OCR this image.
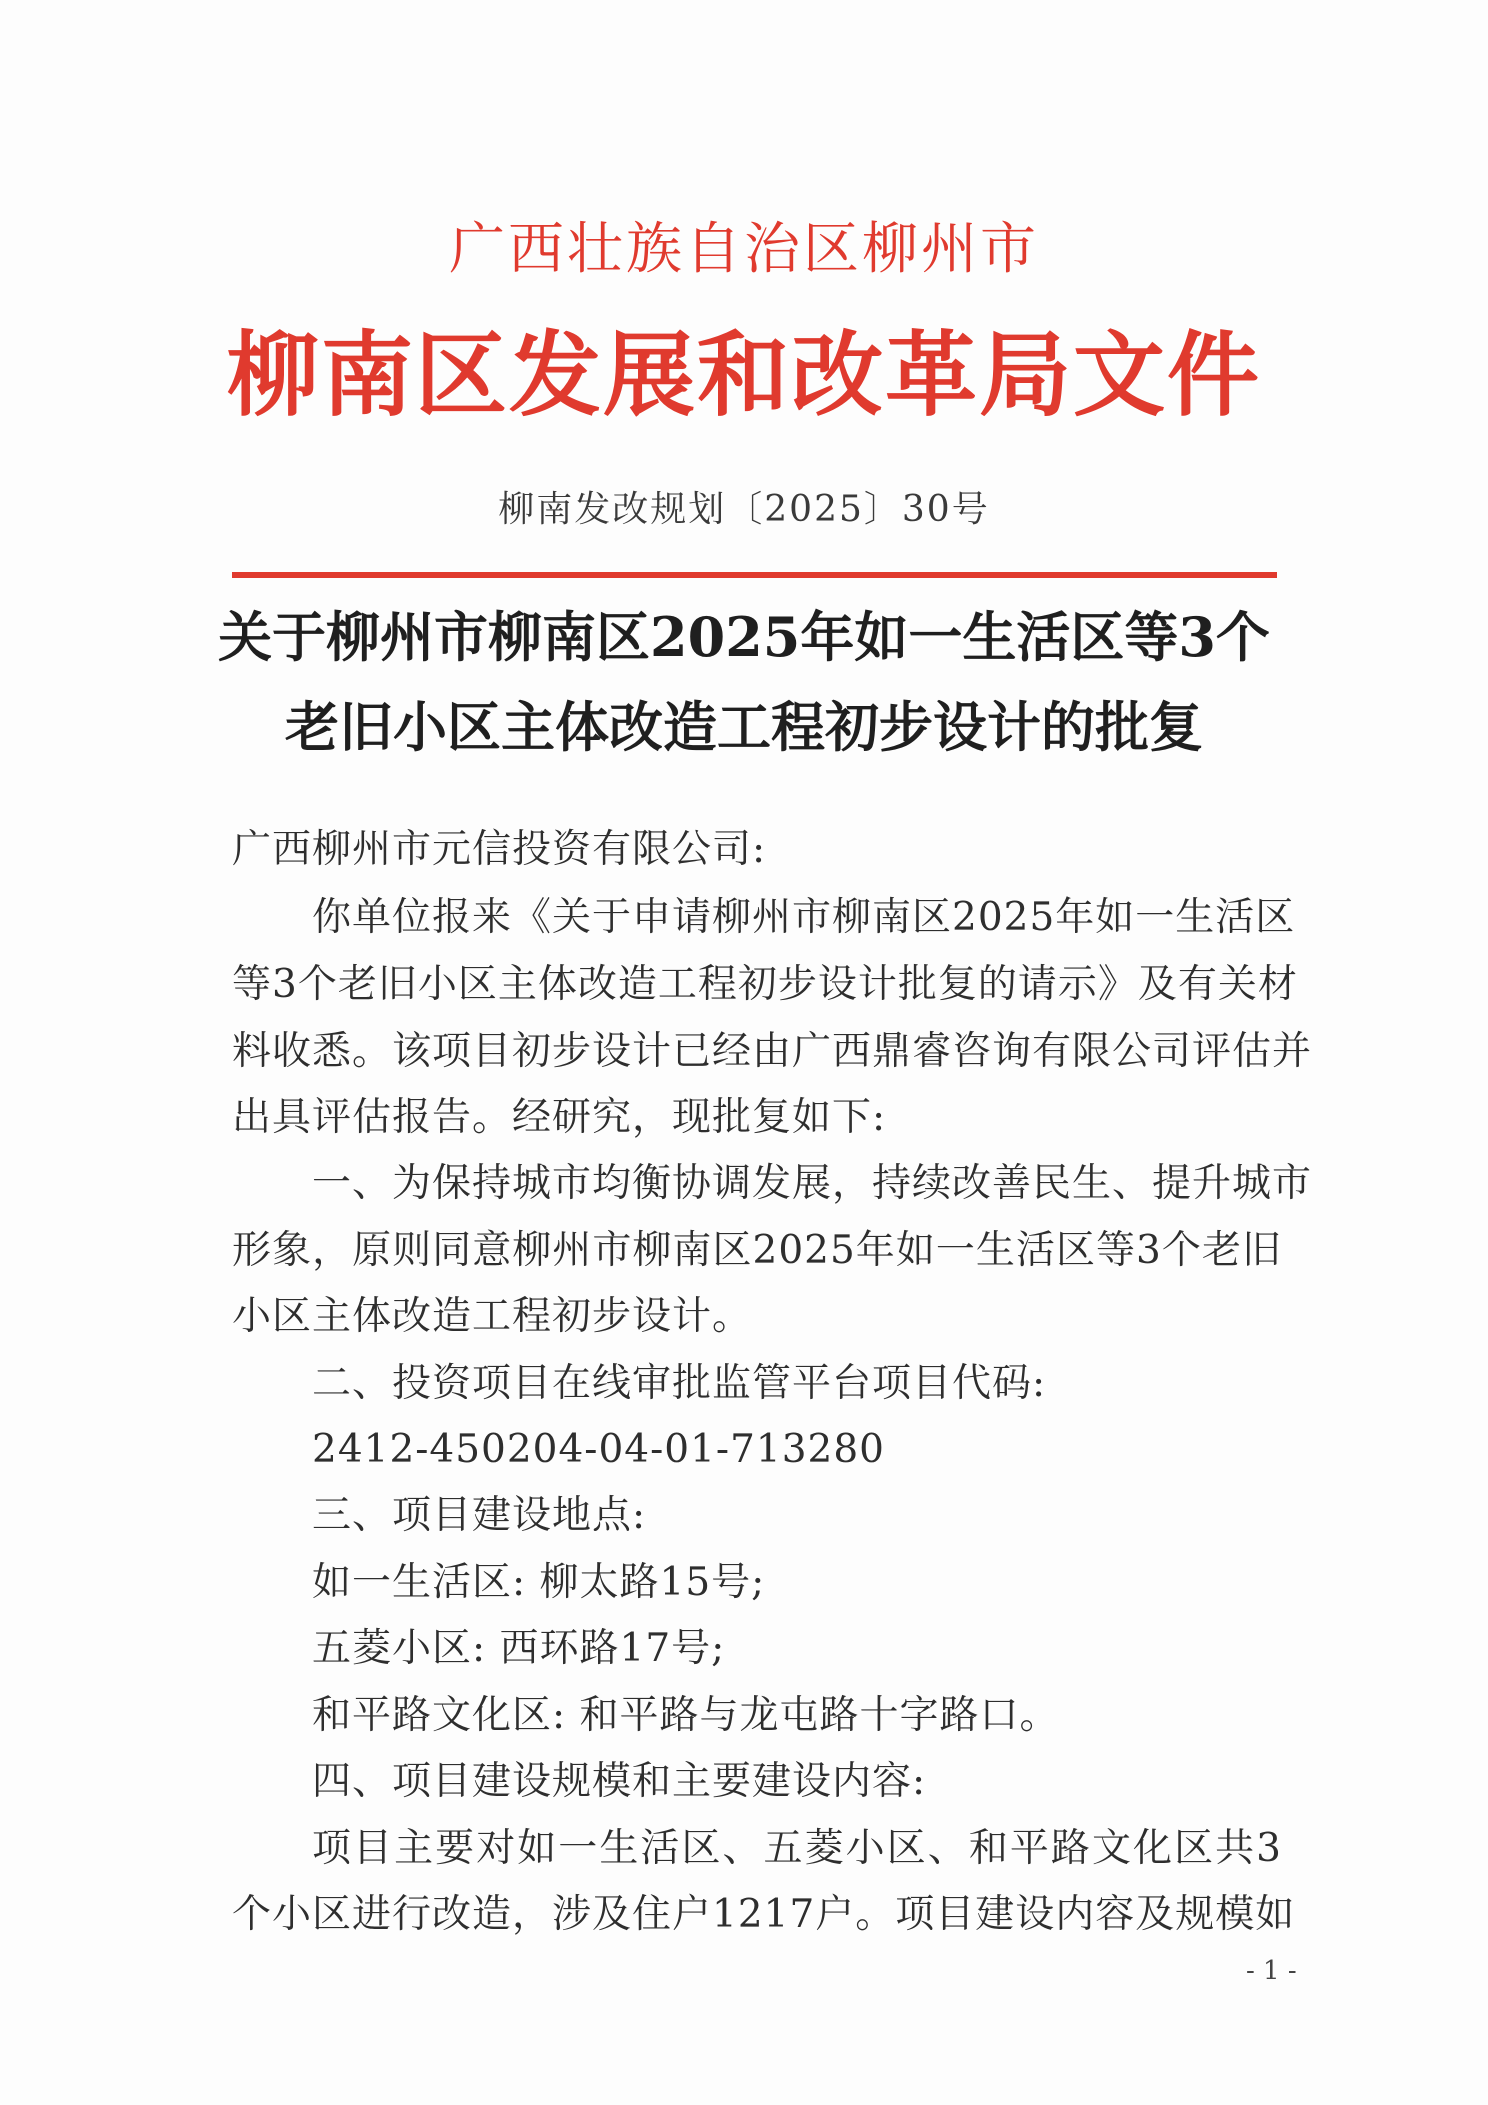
广西壮族自治区柳州市
柳南区发展和改革局文件
柳南发改规划〔2025〕30号
关于柳州市柳南区2025年如一生活区等3个
老旧小区主体改造工程初步设计的批复
广西柳州市元信投资有限公司:
你单位报来《关于申请柳州市柳南区2025年如一生活区
等3个老旧小区主体改造工程初步设计批复的请示》及有关材
料收悉。该项目初步设计已经由广西鼎睿咨询有限公司评估并
出具评估报告。经研究，现批复如下:
一、为保持城市均衡协调发展，持续改善民生、提升城市
形象，原则同意柳州市柳南区2025年如一生活区等3个老旧
小区主体改造工程初步设计。
二、投资项目在线审批监管平台项目代码:
2412-450204-04-01-713280
三、项目建设地点:
如一生活区: 柳太路15号;
五菱小区: 西环路17号;
和平路文化区: 和平路与龙屯路十字路口。
四、项目建设规模和主要建设内容:
项目主要对如一生活区、五菱小区、和平路文化区共3
个小区进行改造，涉及住户1217户。项目建设内容及规模如
- 1 -
